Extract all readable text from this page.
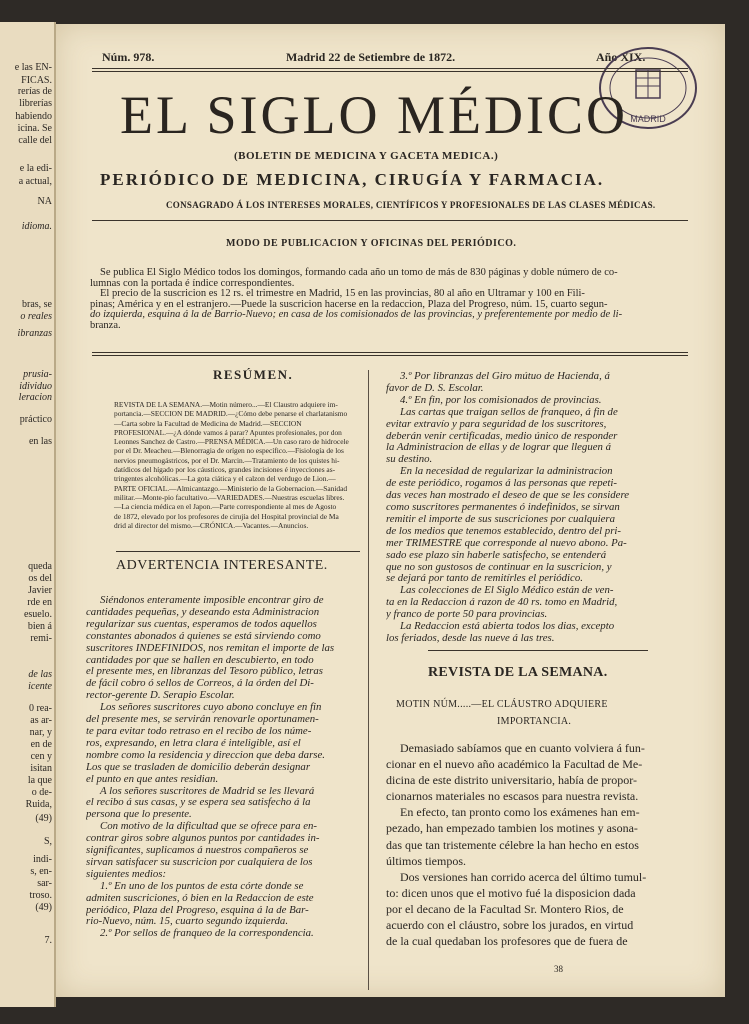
e las EN-
FICAS.
rerías de
librerías
habiendo
icina. Se
calle del
e la edi-
a actual,
NA
idioma.
bras, se
o reales
ibranzas
prusia-
idividuo
leracion
práctico
en las
queda
os del
Javier
rde en
esuelo.
bien á
remi-
de las
icente
0 rea-
as ar-
nar, y
en de
cen y
isitan
la que
o de-
Ruida,
(49)
S,
indi-
s, en-
sar-
troso.
(49)
7.
Núm. 978.	Madrid 22 de Setiembre de 1872.	Año XIX.
MADRID
EL SIGLO MÉDICO
(BOLETIN DE MEDICINA Y GACETA MEDICA.)
PERIÓDICO DE MEDICINA, CIRUGÍA Y FARMACIA.
CONSAGRADO Á LOS INTERESES MORALES, CIENTÍFICOS Y PROFESIONALES DE LAS CLASES MÉDICAS.
MODO DE PUBLICACION Y OFICINAS DEL PERIÓDICO.
Se publica El Siglo Médico todos los domingos, formando cada año un tomo de más de 830 páginas y doble número de co-
lumnas con la portada é índice correspondientes.
El precio de la suscricion es 12 rs. el trimestre en Madrid, 15 en las provincias, 80 al año en Ultramar y 100 en Fili-
pinas; América y en el estranjero.—Puede la suscricion hacerse en la redaccion, Plaza del Progreso, núm. 15, cuarto segun-
do izquierda, esquina á la de Barrio-Nuevo; en casa de los comisionados de las provincias, y preferentemente por medio de li-
branza.
RESÚMEN.
REVISTA DE LA SEMANA.—Motin número...—El Claustro adquiere im-
portancia.—SECCION DE MADRID.—¿Cómo debe penarse el charlatanismo
—Carta sobre la Facultad de Medicina de Madrid.—SECCION
PROFESIONAL.—¿A dónde vamos á parar? Apuntes profesionales, por don
Leonnes Sanchez de Castro.—PRENSA MÉDICA.—Un caso raro de hidrocele
por el Dr. Meacheu.—Blenorragia de orígen no específico.—Fisiología de los
nervios pneumogástricos, por el Dr. Marcin.—Tratamiento de los quistes hi-
datídicos del hígado por los cáusticos, grandes incisiones é inyecciones as-
tringentes alcohólicas.—La gota ciática y el calzon del verdugo de Lion.—
PARTE OFICIAL.—Almicantazgo.—Ministerio de la Gobernacion.—Sanidad
militar.—Monte-pio facultativo.—VARIEDADES.—Nuestras escuelas libres.
—La ciencia médica en el Japon.—Parte correspondiente al mes de Agosto
de 1872, elevado por los profesores de cirujía del Hospital provincial de Ma
drid al director del mismo.—CRÓNICA.—Vacantes.—Anuncios.
ADVERTENCIA INTERESANTE.
Siéndonos enteramente imposible encontrar giro de
cantidades pequeñas, y deseando esta Administracion
regularizar sus cuentas, esperamos de todos aquellos
constantes abonados á quienes se está sirviendo como
suscritores INDEFINIDOS, nos remitan el importe de las
cantidades por que se hallen en descubierto, en todo
el presente mes, en libranzas del Tesoro público, letras
de fácil cobro ó sellos de Correos, á la órden del Di-
rector-gerente D. Serapio Escolar.
Los señores suscritores cuyo abono concluye en fin
del presente mes, se servirán renovarle oportunamen-
te para evitar todo retraso en el recibo de los núme-
ros, expresando, en letra clara é inteligible, así el
nombre como la residencia y direccion que deba darse.
Los que se trasladen de domicilio deberán designar
el punto en que antes residian.
A los señores suscritores de Madrid se les llevará
el recibo á sus casas, y se espera sea satisfecho á la
persona que lo presente.
Con motivo de la dificultad que se ofrece para en-
contrar giros sobre algunos puntos por cantidades in-
significantes, suplicamos á nuestros compañeros se
sirvan satisfacer su suscricion por cualquiera de los
siguientes medios:
1.º En uno de los puntos de esta córte donde se
admiten suscriciones, ó bien en la Redaccion de este
periódico, Plaza del Progreso, esquina á la de Bar-
rio-Nuevo, núm. 15, cuarto segundo izquierda.
2.º Por sellos de franqueo de la correspondencia.
3.º Por libranzas del Giro mútuo de Hacienda, á
favor de D. S. Escolar.
4.º En fin, por los comisionados de provincias.
Las cartas que traigan sellos de franqueo, á fin de
evitar extravío y para seguridad de los suscritores,
deberán venir certificadas, medio único de responder
la Administracion de ellas y de lograr que lleguen á
su destino.
En la necesidad de regularizar la administracion
de este periódico, rogamos á las personas que repeti-
das veces han mostrado el deseo de que se les considere
como suscritores permanentes ó indefinidos, se sirvan
remitir el importe de sus suscriciones por cualquiera
de los medios que tenemos establecido, dentro del pri-
mer TRIMESTRE que corresponde al nuevo abono. Pa-
sado ese plazo sin haberle satisfecho, se entenderá
que no son gustosos de continuar en la suscricion, y
se dejará por tanto de remitírles el periódico.
Las colecciones de El Siglo Médico están de ven-
ta en la Redaccion á razon de 40 rs. tomo en Madrid,
y franco de porte 50 para provincias.
La Redaccion está abierta todos los dias, excepto
los feriados, desde las nueve á las tres.
REVISTA DE LA SEMANA.
MOTIN NÚM.....—EL CLÁUSTRO ADQUIERE
IMPORTANCIA.
Demasiado sabíamos que en cuanto volviera á fun-
cionar en el nuevo año académico la Facultad de Me-
dicina de este distrito universitario, había de propor-
cionarnos materiales no escasos para nuestra revista.
En efecto, tan pronto como los exámenes han em-
pezado, han empezado tambien los motines y asona-
das que tan tristemente célebre la han hecho en estos
últimos tiempos.
Dos versiones han corrido acerca del último tumul-
to: dicen unos que el motivo fué la disposicion dada
por el decano de la Facultad Sr. Montero Rios, de
acuerdo con el cláustro, sobre los jurados, en virtud
de la cual quedaban los profesores que de fuera de
38
